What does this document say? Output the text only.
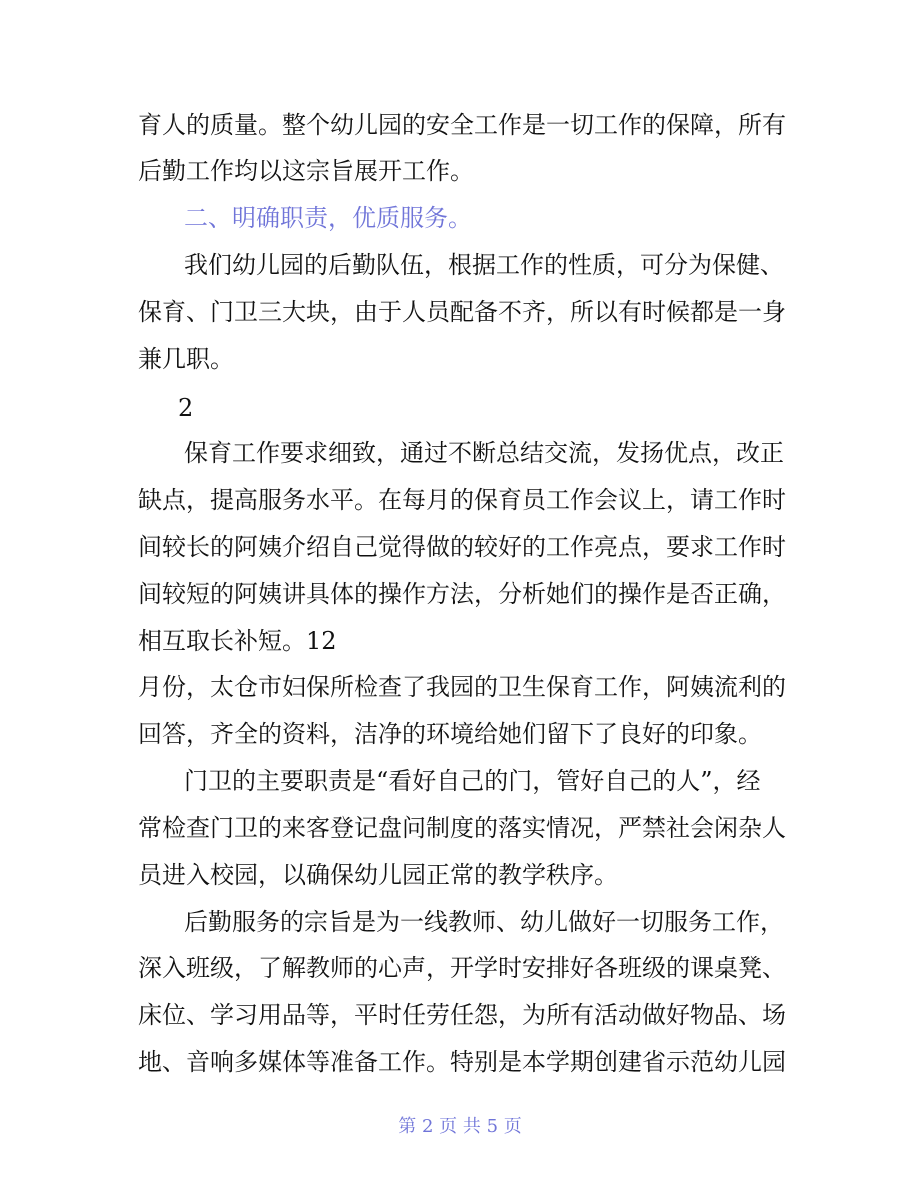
育人的质量。整个幼儿园的安全工作是一切工作的保障，所有
后勤工作均以这宗旨展开工作。
二、明确职责，优质服务。
我们幼儿园的后勤队伍，根据工作的性质，可分为保健、
保育、门卫三大块，由于人员配备不齐，所以有时候都是一身
兼几职。
2
保育工作要求细致，通过不断总结交流，发扬优点，改正
缺点，提高服务水平。在每月的保育员工作会议上，请工作时
间较长的阿姨介绍自己觉得做的较好的工作亮点，要求工作时
间较短的阿姨讲具体的操作方法，分析她们的操作是否正确，
相互取长补短。12
月份，太仓市妇保所检查了我园的卫生保育工作，阿姨流利的
回答，齐全的资料，洁净的环境给她们留下了良好的印象。
门卫的主要职责是“看好自己的门，管好自己的人”，经
常检查门卫的来客登记盘问制度的落实情况，严禁社会闲杂人
员进入校园，以确保幼儿园正常的教学秩序。
后勤服务的宗旨是为一线教师、幼儿做好一切服务工作，
深入班级，了解教师的心声，开学时安排好各班级的课桌凳、
床位、学习用品等，平时任劳任怨，为所有活动做好物品、场
地、音响多媒体等准备工作。特别是本学期创建省示范幼儿园
第 2 页 共 5 页
